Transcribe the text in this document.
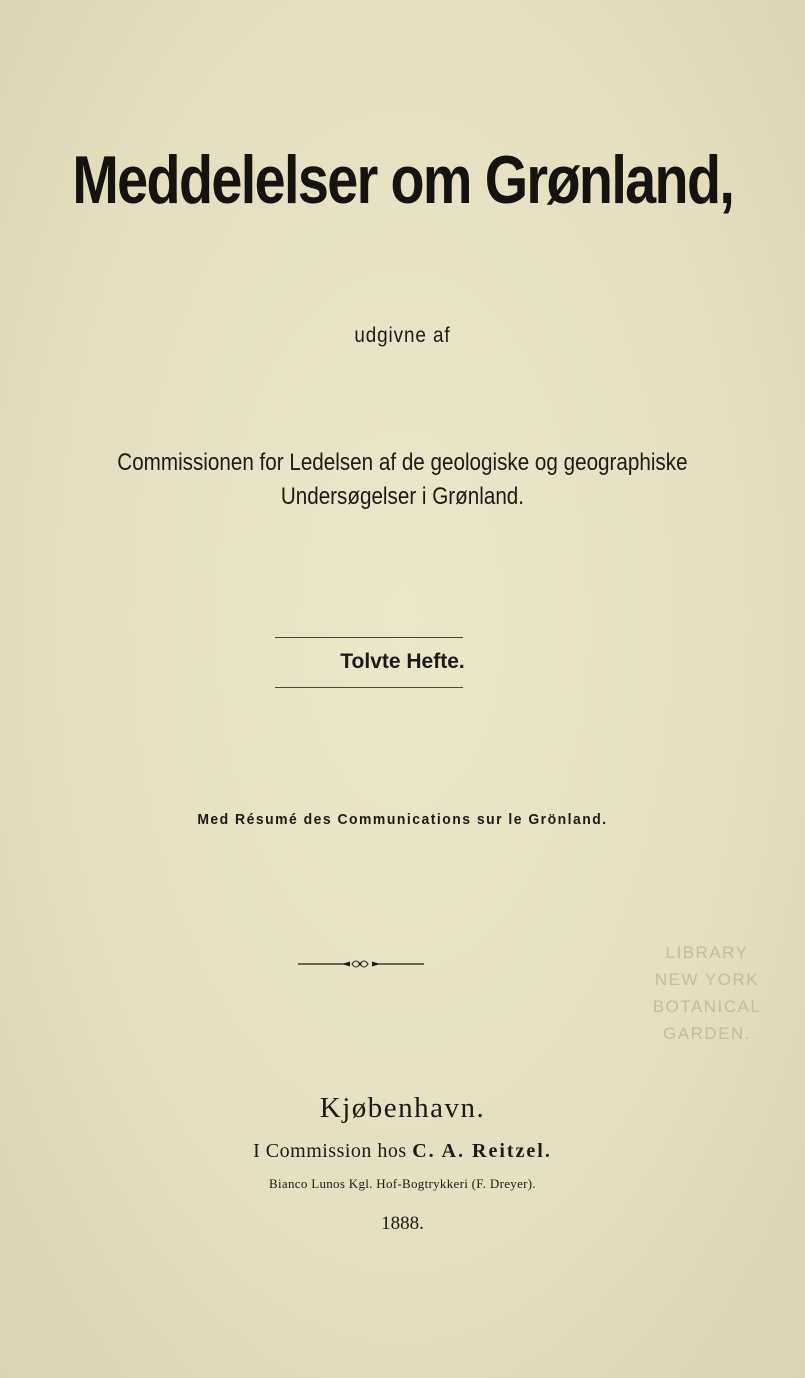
Meddelelser om Grønland,
udgivne af
Commissionen for Ledelsen af de geologiske og geographiske
Undersøgelser i Grønland.
Tolvte Hefte.
Med Résumé des Communications sur le Grönland.
LIBRARY
NEW YORK
BOTANICAL
GARDEN.
Kjøbenhavn.
I Commission hos C. A. Reitzel.
Bianco Lunos Kgl. Hof-Bogtrykkeri (F. Dreyer).
1888.
